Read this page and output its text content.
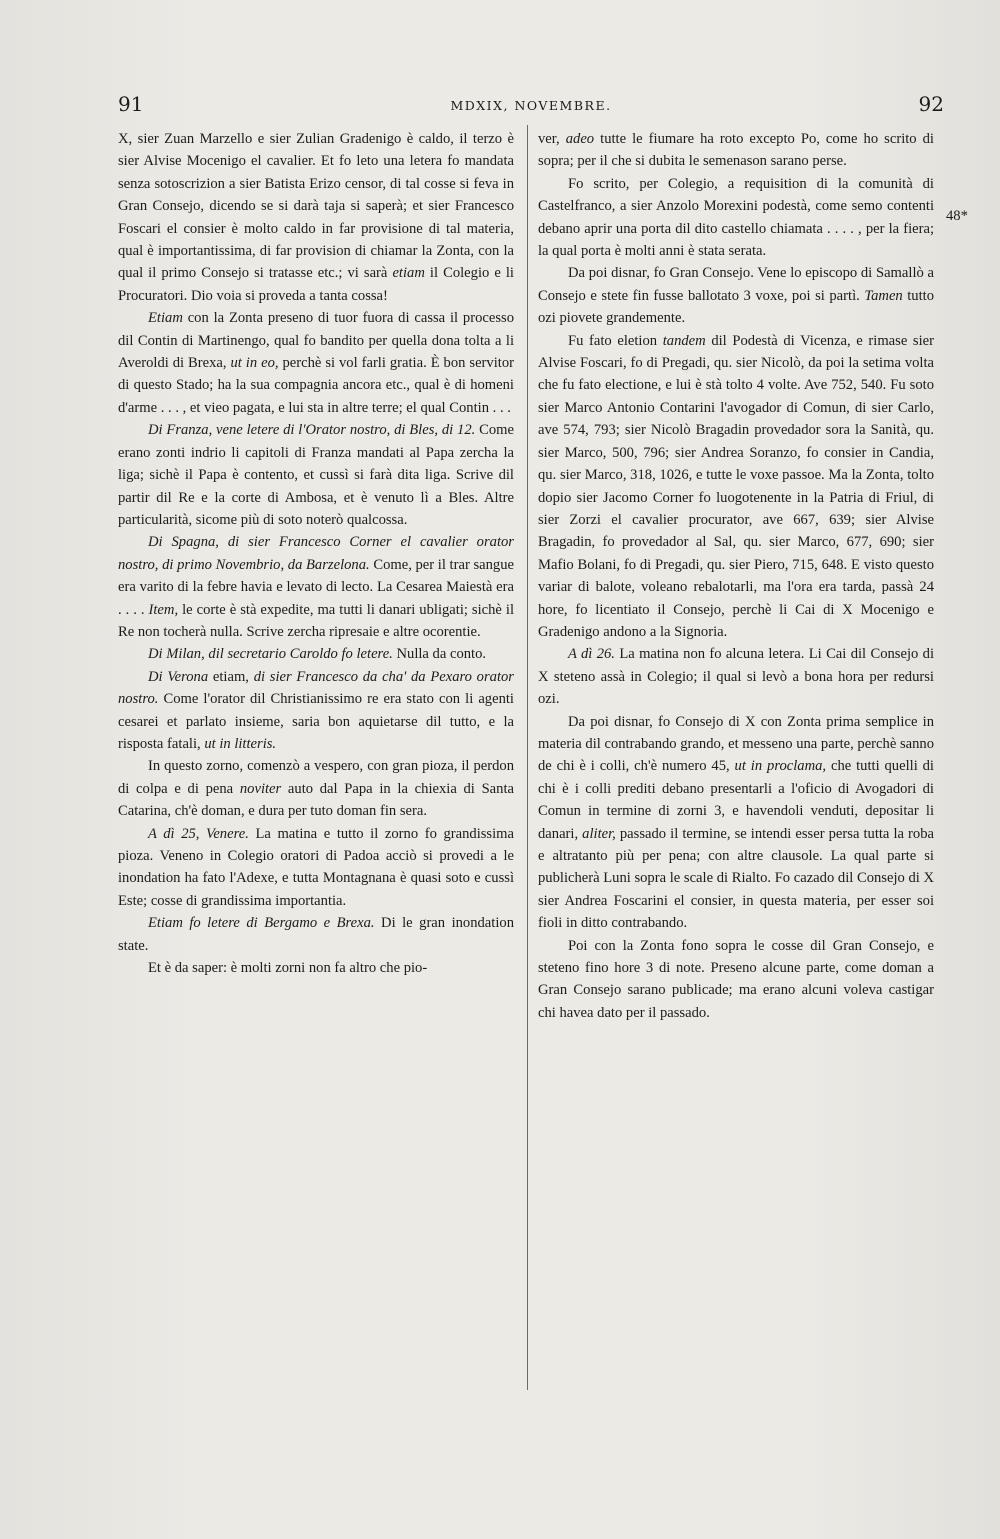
91	MDXIX, NOVEMBRE.	92
48*

X, sier Zuan Marzello e sier Zulian Gradenigo è caldo, il terzo è sier Alvise Mocenigo el cavalier. Et fo leto una letera fo mandata senza sotoscrizion a sier Batista Erizo censor, di tal cosse si feva in Gran Consejo, dicendo se si darà taja si saperà; et sier Francesco Foscari el consier è molto caldo in far provisione di tal materia, qual è importantissima, di far provision di chiamar la Zonta, con la qual il primo Consejo si tratasse etc.; vi sarà etiam il Colegio e li Procuratori. Dio voia si proveda a tanta cossa!

Etiam con la Zonta preseno di tuor fuora di cassa il processo dil Contin di Martinengo, qual fo bandito per quella dona tolta a li Averoldi di Brexa, ut in eo, perchè si vol farli gratia. È bon servitor di questo Stado; ha la sua compagnia ancora etc., qual è di homeni d'arme . . . , et vieo pagata, e lui sta in altre terre; el qual Contin . . .

Di Franza, vene letere di l'Orator nostro, di Bles, di 12. Come erano zonti indrio li capitoli di Franza mandati al Papa zercha la liga; sichè il Papa è contento, et cussì si farà dita liga. Scrive dil partir dil Re e la corte di Ambosa, et è venuto lì a Bles. Altre particularità, sicome più di soto noterò qualcossa.

Di Spagna, di sier Francesco Corner el cavalier orator nostro, di primo Novembrio, da Barzelona. Come, per il trar sangue era varito di la febre havia e levato di lecto. La Cesarea Maiestà era . . . . Item, le corte è stà expedite, ma tutti li danari ubligati; sichè il Re non tocherà nulla. Scrive zercha ripresaie e altre ocorentie.

Di Milan, dil secretario Caroldo fo letere. Nulla da conto.

Di Verona etiam, di sier Francesco da cha' da Pexaro orator nostro. Come l'orator dil Christianissimo re era stato con li agenti cesarei et parlato insieme, saria bon aquietarse dil tutto, e la risposta fatali, ut in litteris.

In questo zorno, comenzò a vespero, con gran pioza, il perdon di colpa e di pena noviter auto dal Papa in la chiexia di Santa Catarina, ch'è doman, e dura per tuto doman fin sera.

A dì 25, Venere. La matina e tutto il zorno fo grandissima pioza. Veneno in Colegio oratori di Padoa acciò si provedi a le inondation ha fato l'Adexe, e tutta Montagnana è quasi soto e cussì Este; cosse di grandissima importantia.

Etiam fo letere di Bergamo e Brexa. Di le gran inondation state.

Et è da saper: è molti zorni non fa altro che pio-

ver, adeo tutte le fiumare ha roto excepto Po, come ho scrito di sopra; per il che si dubita le semenason sarano perse.

Fo scrito, per Colegio, a requisition di la comunità di Castelfranco, a sier Anzolo Morexini podestà, come semo contenti debano aprir una porta dil dito castello chiamata . . . . , per la fiera; la qual porta è molti anni è stata serata.

Da poi disnar, fo Gran Consejo. Vene lo episcopo di Samallò a Consejo e stete fin fusse ballotato 3 voxe, poi si partì. Tamen tutto ozi piovete grandemente.

Fu fato eletion tandem dil Podestà di Vicenza, e rimase sier Alvise Foscari, fo di Pregadi, qu. sier Nicolò, da poi la setima volta che fu fato electione, e lui è stà tolto 4 volte. Ave 752, 540. Fu soto sier Marco Antonio Contarini l'avogador di Comun, di sier Carlo, ave 574, 793; sier Nicolò Bragadin provedador sora la Sanità, qu. sier Marco, 500, 796; sier Andrea Soranzo, fo consier in Candia, qu. sier Marco, 318, 1026, e tutte le voxe passoe. Ma la Zonta, tolto dopio sier Jacomo Corner fo luogotenente in la Patria di Friul, di sier Zorzi el cavalier procurator, ave 667, 639; sier Alvise Bragadin, fo provedador al Sal, qu. sier Marco, 677, 690; sier Mafio Bolani, fo di Pregadi, qu. sier Piero, 715, 648. E visto questo variar di balote, voleano rebalotarli, ma l'ora era tarda, passà 24 hore, fo licentiato il Consejo, perchè li Cai di X Mocenigo e Gradenigo andono a la Signoria.

A dì 26. La matina non fo alcuna letera. Li Cai dil Consejo di X steteno assà in Colegio; il qual si levò a bona hora per redursi ozi.

Da poi disnar, fo Consejo di X con Zonta prima semplice in materia dil contrabando grando, et messeno una parte, perchè sanno de chi è i colli, ch'è numero 45, ut in proclama, che tutti quelli di chi è i colli prediti debano presentarli a l'oficio di Avogadori di Comun in termine di zorni 3, e havendoli venduti, depositar li danari, aliter, passado il termine, se intendi esser persa tutta la roba e altratanto più per pena; con altre clausole. La qual parte si publicherà Luni sopra le scale di Rialto. Fo cazado dil Consejo di X sier Andrea Foscarini el consier, in questa materia, per esser soi fioli in ditto contrabando.

Poi con la Zonta fono sopra le cosse dil Gran Consejo, e steteno fino hore 3 di note. Preseno alcune parte, come doman a Gran Consejo sarano publicade; ma erano alcuni voleva castigar chi havea dato per il passado.
